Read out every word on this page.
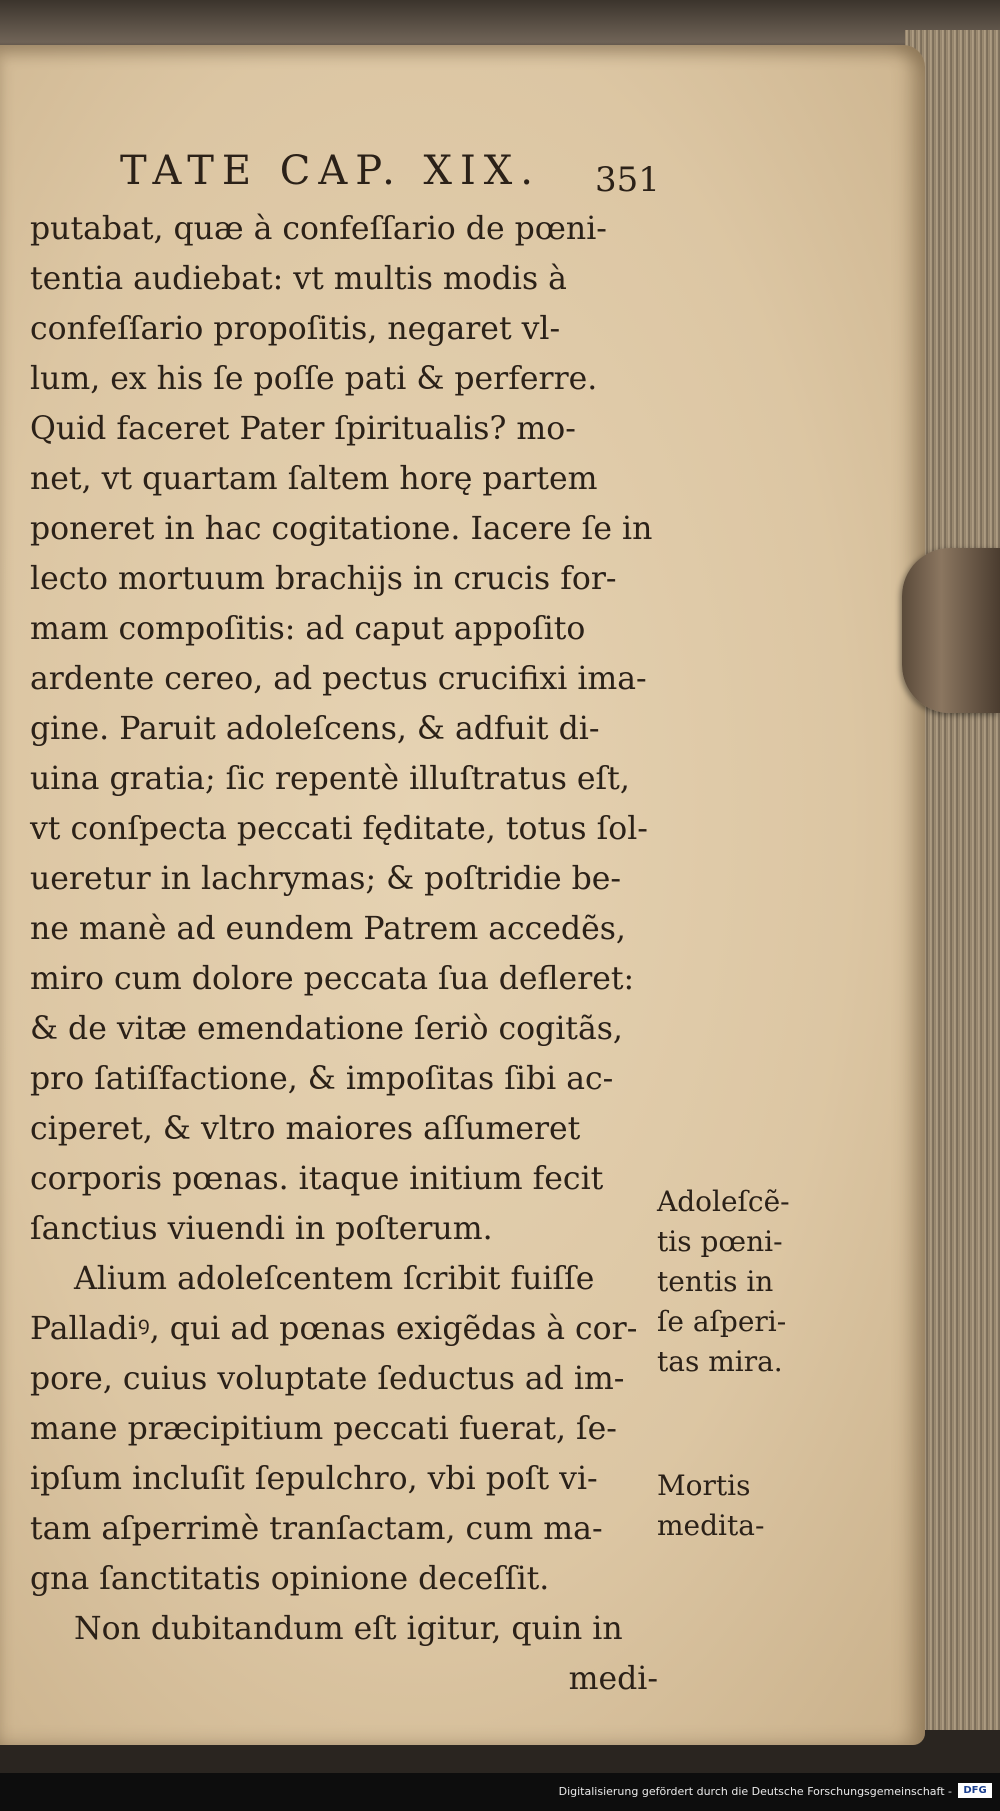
TATE CAP. XIX.	351
putabat, quæ à confeſſario de pœni-
tentia audiebat: vt multis modis à
confeſſario propoſitis, negaret vl-
lum, ex his ſe poſſe pati & perferre.
Quid faceret Pater ſpiritualis? mo-
net, vt quartam ſaltem horę partem
poneret in hac cogitatione. Iacere ſe in
lecto mortuum brachijs in crucis for-
mam compoſitis: ad caput appoſito
ardente cereo, ad pectus crucifixi ima-
gine. Paruit adoleſcens, & adfuit di-
uina gratia; ſic repentè illuſtratus eſt,
vt conſpecta peccati fęditate, totus ſol-
ueretur in lachrymas; & poſtridie be-
ne manè ad eundem Patrem accedẽs,
miro cum dolore peccata ſua defleret:
& de vitæ emendatione ſeriò cogitãs,
pro ſatiſfactione, & impoſitas ſibi ac-
ciperet, & vltro maiores aſſumeret
corporis pœnas. itaque initium fecit
ſanctius viuendi in poſterum.
Alium adoleſcentem ſcribit fuiſſe
Palladiꝰ, qui ad pœnas exigẽdas à cor-
pore, cuius voluptate ſeductus ad im-
mane præcipitium peccati fuerat, ſe-
ipſum incluſit ſepulchro, vbi poſt vi-
tam aſperrimè tranſactam, cum ma-
gna ſanctitatis opinione deceſſit.
Non dubitandum eſt igitur, quin in
medi-
Adoleſcẽ-
tis pœni-
tentis in
ſe aſperi-
tas mira.
Mortis
medita-
Digitalisierung gefördert durch die Deutsche Forschungsgemeinschaft -	DFG
